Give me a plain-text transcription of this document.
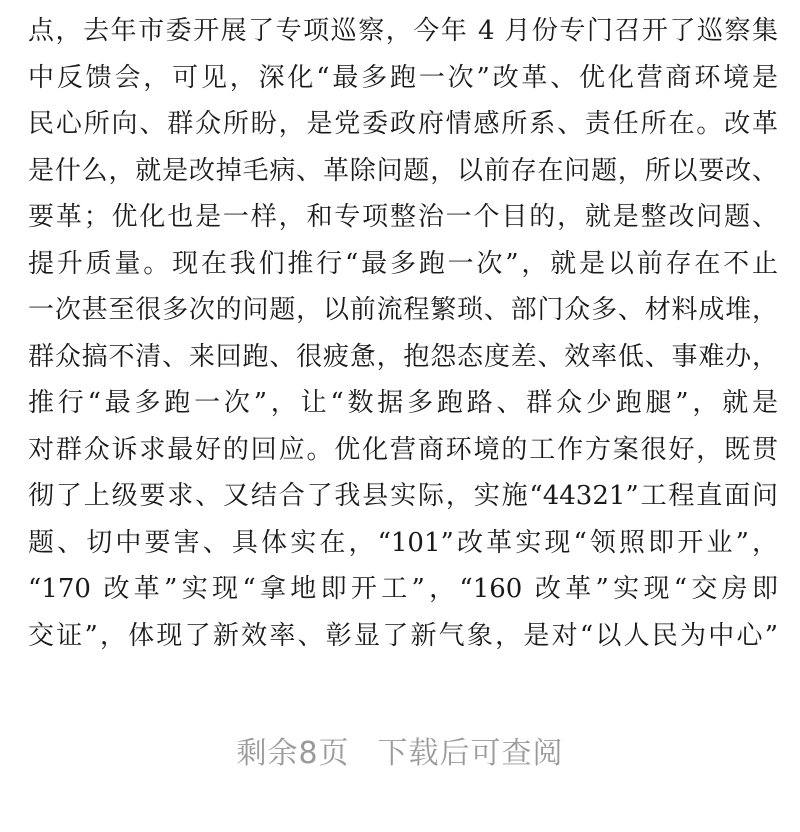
点，去年市委开展了专项巡察，今年 4 月份专门召开了巡察集
中反馈会，可见，深化“最多跑一次”改革、优化营商环境是
民心所向、群众所盼，是党委政府情感所系、责任所在。改革
是什么，就是改掉毛病、革除问题，以前存在问题，所以要改、
要革；优化也是一样，和专项整治一个目的，就是整改问题、
提升质量。现在我们推行“最多跑一次”，就是以前存在不止
一次甚至很多次的问题，以前流程繁琐、部门众多、材料成堆，
群众搞不清、来回跑、很疲惫，抱怨态度差、效率低、事难办，
推行“最多跑一次”，让“数据多跑路、群众少跑腿”，就是
对群众诉求最好的回应。优化营商环境的工作方案很好，既贯
彻了上级要求、又结合了我县实际，实施“44321”工程直面问
题、切中要害、具体实在，“101”改革实现“领照即开业”，
“170 改革”实现“拿地即开工”，“160 改革”实现“交房即
交证”，体现了新效率、彰显了新气象，是对“以人民为中心”
剩余8页 下载后可查阅
